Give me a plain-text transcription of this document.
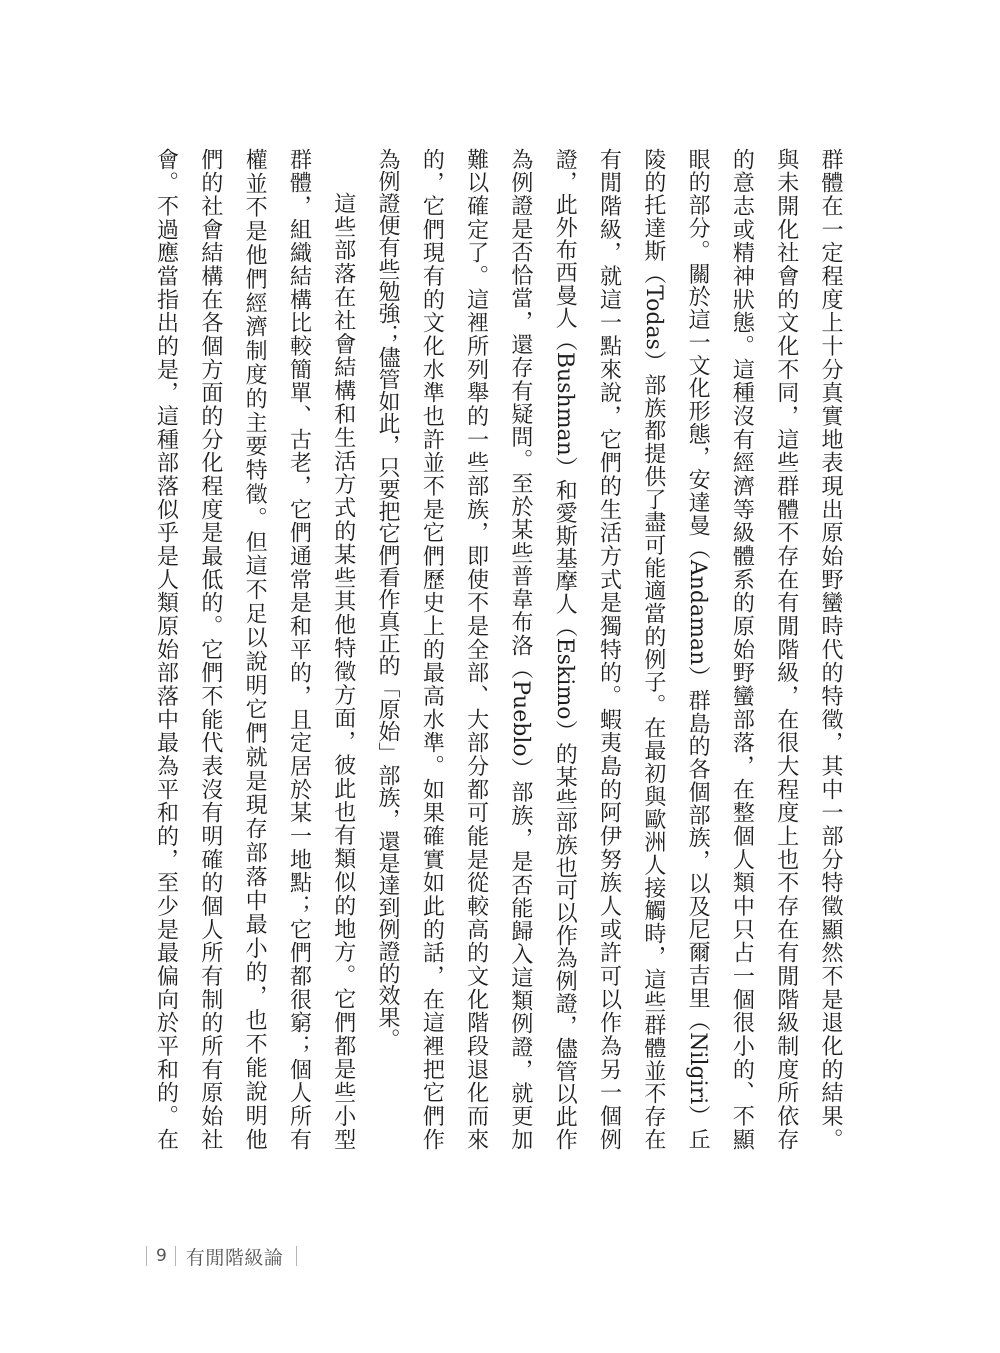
群體在一定程度上十分真實地表現出原始野蠻時代的特徵，其中一部分特徵顯然不是退化的結果。
與未開化社會的文化不同，這些群體不存在有閒階級，在很大程度上也不存在有閒階級制度所依存
的意志或精神狀態。這種沒有經濟等級體系的原始野蠻部落，在整個人類中只占一個很小的、不顯
眼的部分。關於這一文化形態，安達曼（Andaman）群島的各個部族，以及尼爾吉里（Nilgiri）丘
陵的托達斯（Todas）部族都提供了盡可能適當的例子。在最初與歐洲人接觸時，這些群體並不存在
有閒階級，就這一點來說，它們的生活方式是獨特的。蝦夷島的阿伊努族人或許可以作為另一個例
證，此外布西曼人（Bushman）和愛斯基摩人（Eskimo）的某些部族也可以作為例證，儘管以此作
為例證是否恰當，還存有疑問。至於某些普韋布洛（Pueblo）部族，是否能歸入這類例證，就更加
難以確定了。這裡所列舉的一些部族，即使不是全部、大部分都可能是從較高的文化階段退化而來
的，它們現有的文化水準也許並不是它們歷史上的最高水準。如果確實如此的話，在這裡把它們作
為例證便有些勉強；儘管如此，只要把它們看作真正的「原始」部族，還是達到例證的效果。
這些部落在社會結構和生活方式的某些其他特徵方面，彼此也有類似的地方。它們都是些小型
群體，組織結構比較簡單、古老，它們通常是和平的，且定居於某一地點；它們都很窮；個人所有
權並不是他們經濟制度的主要特徵。但這不足以說明它們就是現存部落中最小的，也不能說明他
們的社會結構在各個方面的分化程度是最低的。它們不能代表沒有明確的個人所有制的所有原始社
會。不過應當指出的是，這種部落似乎是人類原始部落中最為平和的，至少是最偏向於平和的。在
9 有閒階級論
